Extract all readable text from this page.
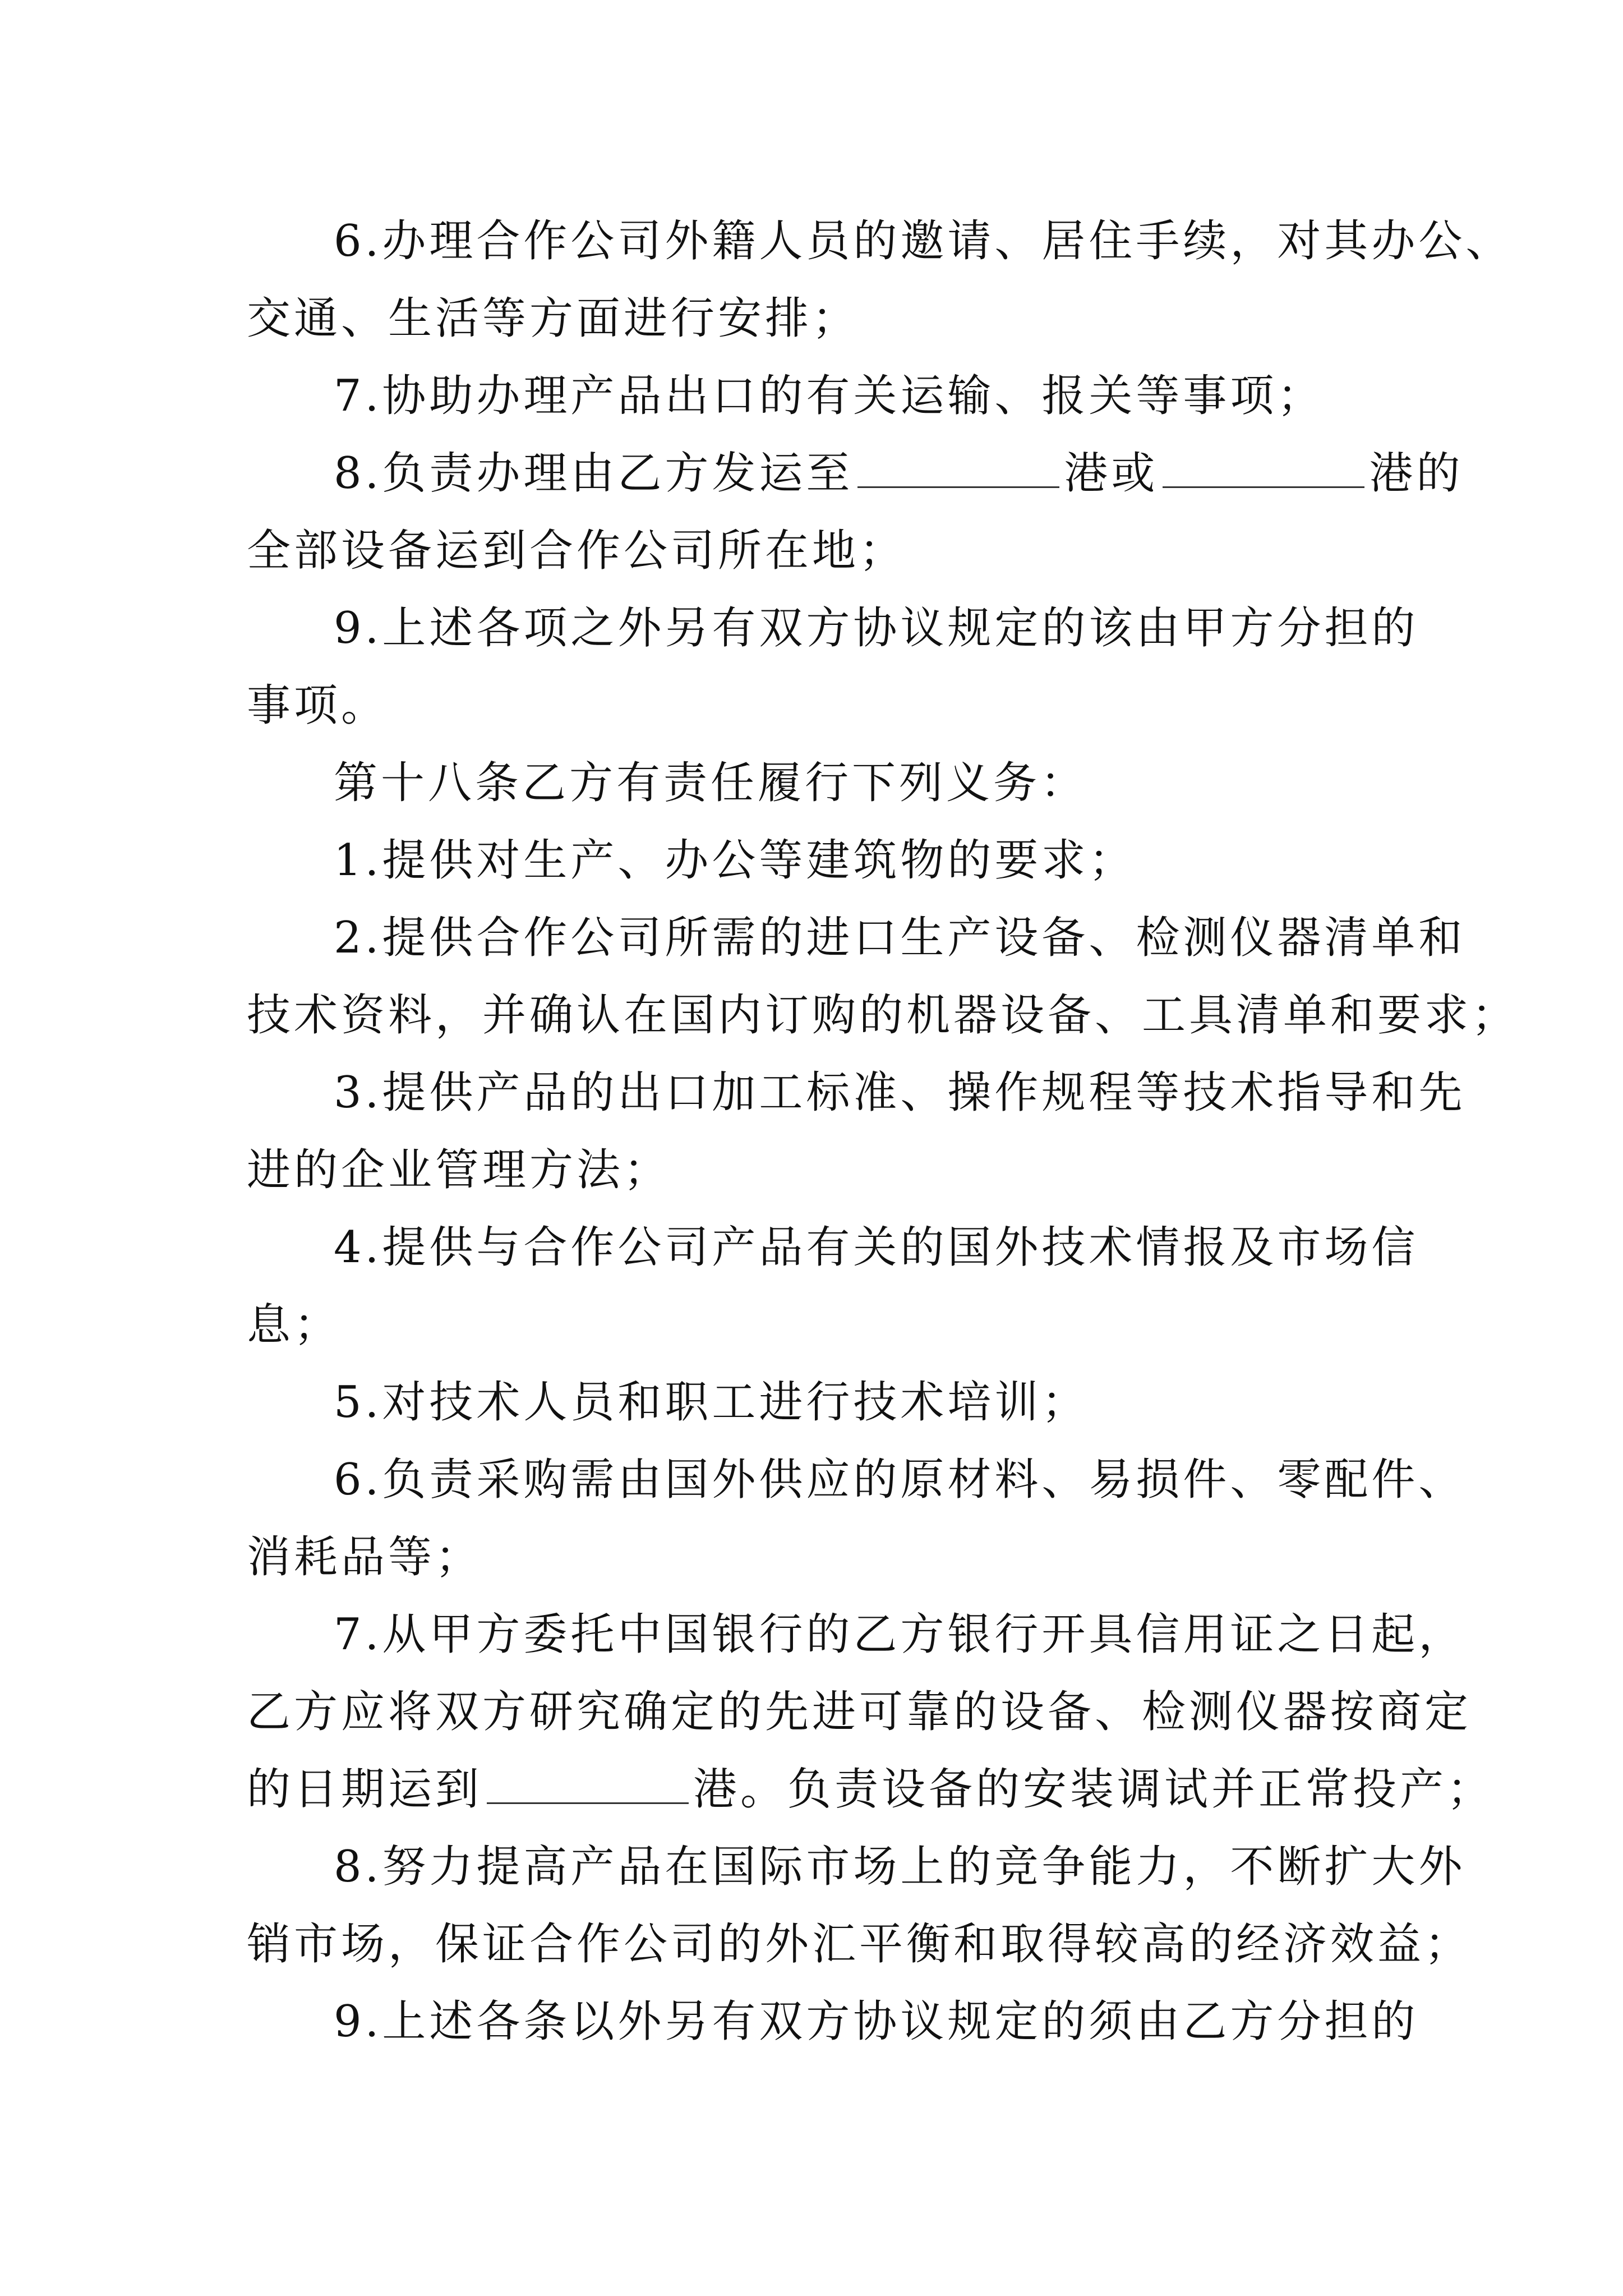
6.办理合作公司外籍人员的邀请、居住手续，对其办公、

交通、生活等方面进行安排；

7.协助办理产品出口的有关运输、报关等事项；

8.负责办理由乙方发运至	港或	港的

全部设备运到合作公司所在地；

9.上述各项之外另有双方协议规定的该由甲方分担的

事项。

第十八条乙方有责任履行下列义务：

1.提供对生产、办公等建筑物的要求；

2.提供合作公司所需的进口生产设备、检测仪器清单和

技术资料，并确认在国内订购的机器设备、工具清单和要求；

3.提供产品的出口加工标准、操作规程等技术指导和先

进的企业管理方法；

4.提供与合作公司产品有关的国外技术情报及市场信

息；

5.对技术人员和职工进行技术培训；

6.负责采购需由国外供应的原材料、易损件、零配件、

消耗品等；

7.从甲方委托中国银行的乙方银行开具信用证之日起，

乙方应将双方研究确定的先进可靠的设备、检测仪器按商定

的日期运到	港。负责设备的安装调试并正常投产；

8.努力提高产品在国际市场上的竞争能力，不断扩大外

销市场，保证合作公司的外汇平衡和取得较高的经济效益；

9.上述各条以外另有双方协议规定的须由乙方分担的
